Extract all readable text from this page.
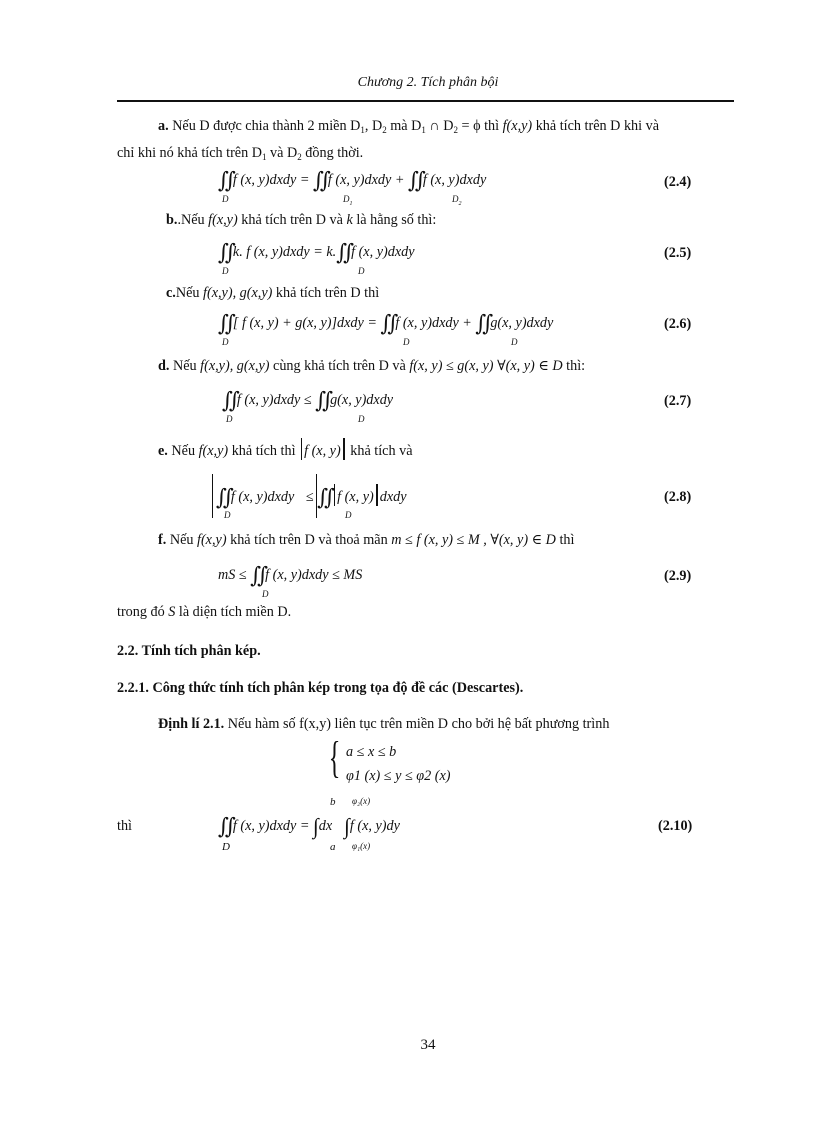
Chương 2. Tích phân bội
a. Nếu D được chia thành 2 miền $D_1$, $D_2$ mà $D_1$ ∩ $D_2 = \phi$ thì f(x,y) khả tích trên D khi và
chỉ khi nó khả tích trên $D_1$ và $D_2$ đồng thời.
∬f (x, y)dxdy = ∬f (x, y)dxdy + ∬f (x, y)dxdy
D	$D_1$	$D_2$
(2.4)
b..Nếu f(x,y) khả tích trên D và k là hằng số thì:
∬k. f (x, y)dxdy = k.∬f (x, y)dxdy
D	D
(2.5)
c.Nếu f(x,y), g(x,y) khả tích trên D thì
∬[ f (x, y) + g(x, y)]dxdy = ∬f (x, y)dxdy + ∬g(x, y)dxdy
D	D	D
(2.6)
d. Nếu f(x,y), g(x,y) cùng khả tích trên D và f(x, y) ≤ g(x, y) ∀(x, y) ∈ D thì:
∬f (x, y)dxdy ≤ ∬g(x, y)dxdy
D	D
(2.7)
e. Nếu f(x,y) khả tích thì f (x, y) khả tích và
∬f (x, y)dxdy ≤ ∬ f (x, y) dxdy
D	D
(2.8)
f. Nếu f(x,y) khả tích trên D và thoả mãn m ≤ f (x, y) ≤ M , ∀(x, y) ∈ D thì
mS ≤ ∬f (x, y)dxdy ≤ MS
D
(2.9)
trong đó S là diện tích miền D.
2.2. Tính tích phân kép.
2.2.1. Công thức tính tích phân kép trong tọa độ đề các (Descartes).
Định lí 2.1. Nếu hàm số f(x,y) liên tục trên miền D cho bởi hệ bất phương trình
{ a ≤ x ≤ b
φ1 (x) ≤ y ≤ φ2 (x)
thì	∬f (x, y)dxdy = ∫dx ∫f (x, y)dy
D
b
a
φ₂(x)
φ₁(x)
(2.10)
34
